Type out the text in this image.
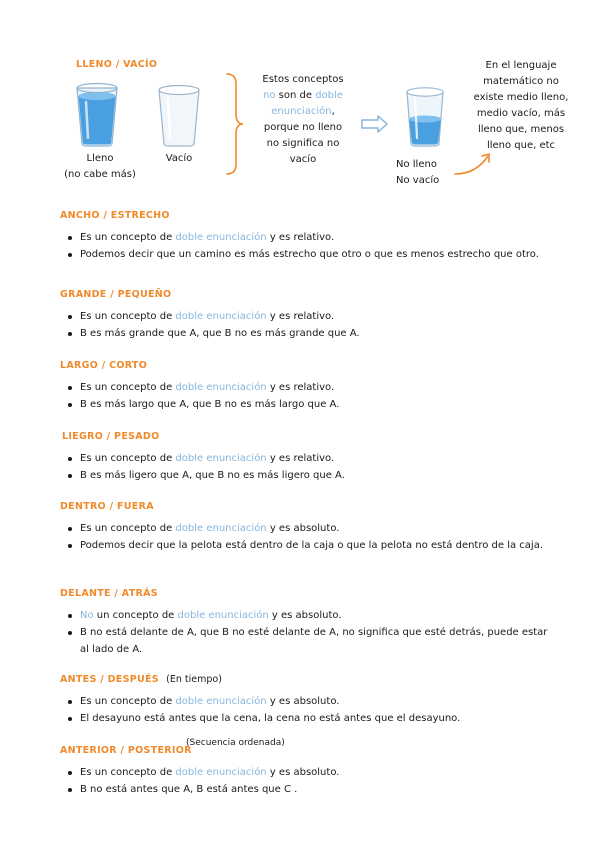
LLENO / VACÍO
Lleno
(no cabe más)
Vacío
Estos conceptos
no son de doble
enunciación,
porque no lleno
no significa no
vacío	No lleno
No vacío
En el lenguaje
matemático no
existe medio lleno,
medio vacío, más
lleno que, menos
lleno que, etc
ANCHO / ESTRECHO
Es un concepto de doble enunciación y es relativo.
Podemos decir que un camino es más estrecho que otro o que es menos estrecho que otro.
GRANDE / PEQUEÑO
Es un concepto de doble enunciación y es relativo.
B es más grande que A, que B no es más grande que A.
LARGO / CORTO
Es un concepto de doble enunciación y es relativo.
B es más largo que A, que B no es más largo que A.
LIEGRO / PESADO
Es un concepto de doble enunciación y es relativo.
B es más ligero que A, que B no es más ligero que A.
DENTRO / FUERA
Es un concepto de doble enunciación y es absoluto.
Podemos decir que la pelota está dentro de la caja o que la pelota no está dentro de la caja.
DELANTE / ATRÁS
No un concepto de doble enunciación y es absoluto.
B no está delante de A, que B no esté delante de A, no significa que esté detrás, puede estar al lado de A.
ANTES / DESPUÉS (En tiempo)
Es un concepto de doble enunciación y es absoluto.
El desayuno está antes que la cena, la cena no está antes que el desayuno.
ANTERIOR / POSTERIOR
(Secuencia ordenada)
Es un concepto de doble enunciación y es absoluto.
B no está antes que A, B está antes que C .
